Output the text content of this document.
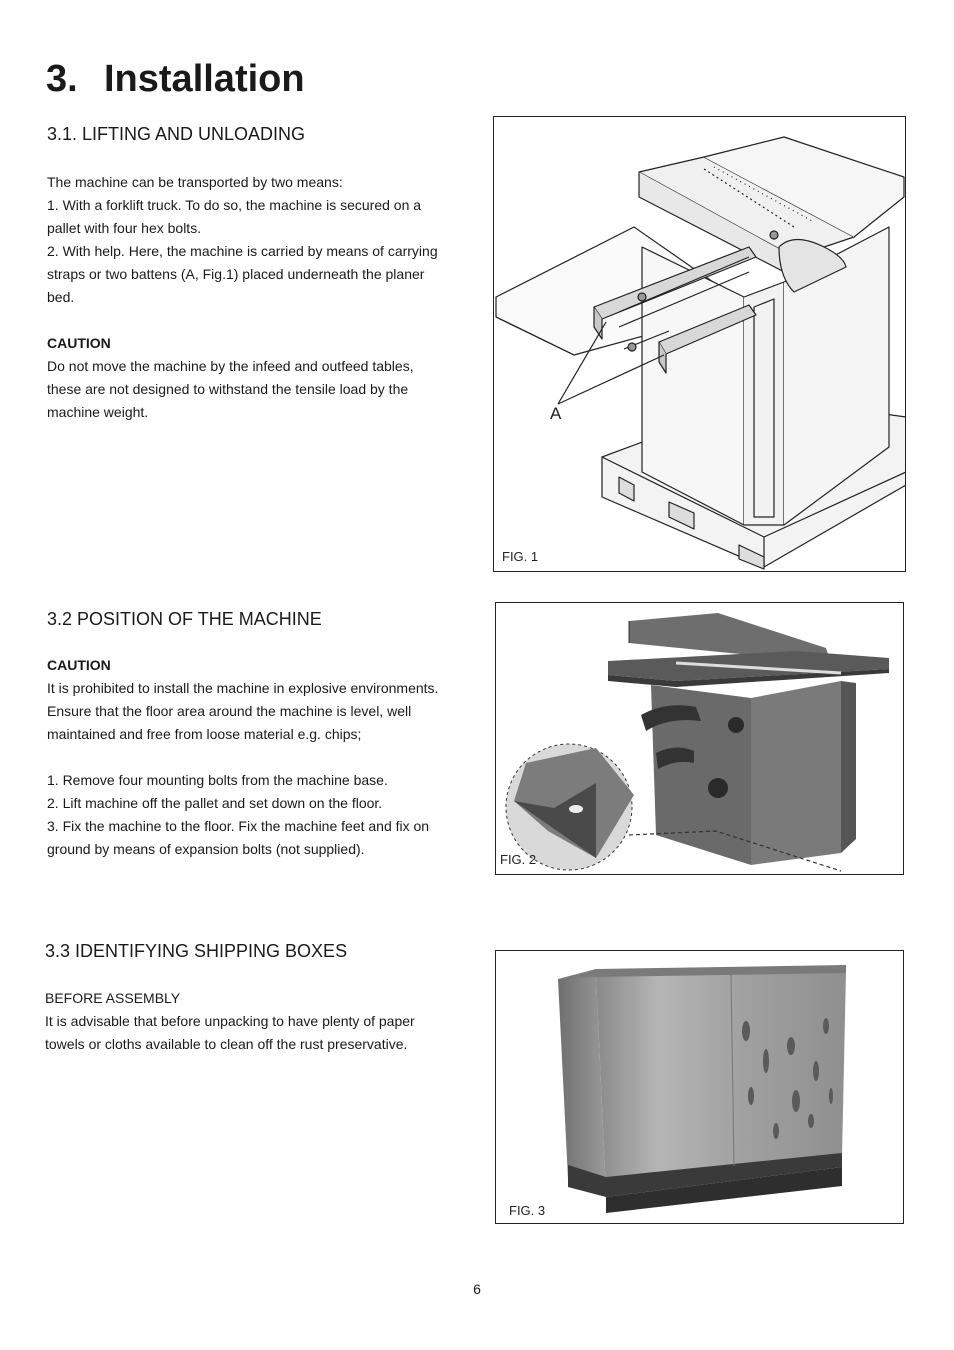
3. Installation
3.1. LIFTING AND UNLOADING

The machine can be transported by two means:

1. With a forklift truck. To do so, the machine is secured on a

pallet with four hex bolts.

2. With help. Here, the machine is carried by means of carrying

straps or two battens (A, Fig.1) placed underneath the planer

bed.

CAUTION

Do not move the machine by the infeed and outfeed tables,

these are not designed to withstand the tensile load by the

machine weight.	A
FIG. 1
3.2 POSITION OF THE MACHINE

CAUTION

It is prohibited to install the machine in explosive environments.

Ensure that the floor area around the machine is level, well

maintained and free from loose material e.g. chips;

1. Remove four mounting bolts from the machine base.

2. Lift machine off the pallet and set down on the floor.

3. Fix the machine to the floor. Fix the machine feet and fix on

ground by means of expansion bolts (not supplied).

FIG. 2
3.3 IDENTIFYING SHIPPING BOXES

BEFORE ASSEMBLY

It is advisable that before unpacking to have plenty of paper

towels or cloths available to clean off the rust preservative.

FIG. 3
6
